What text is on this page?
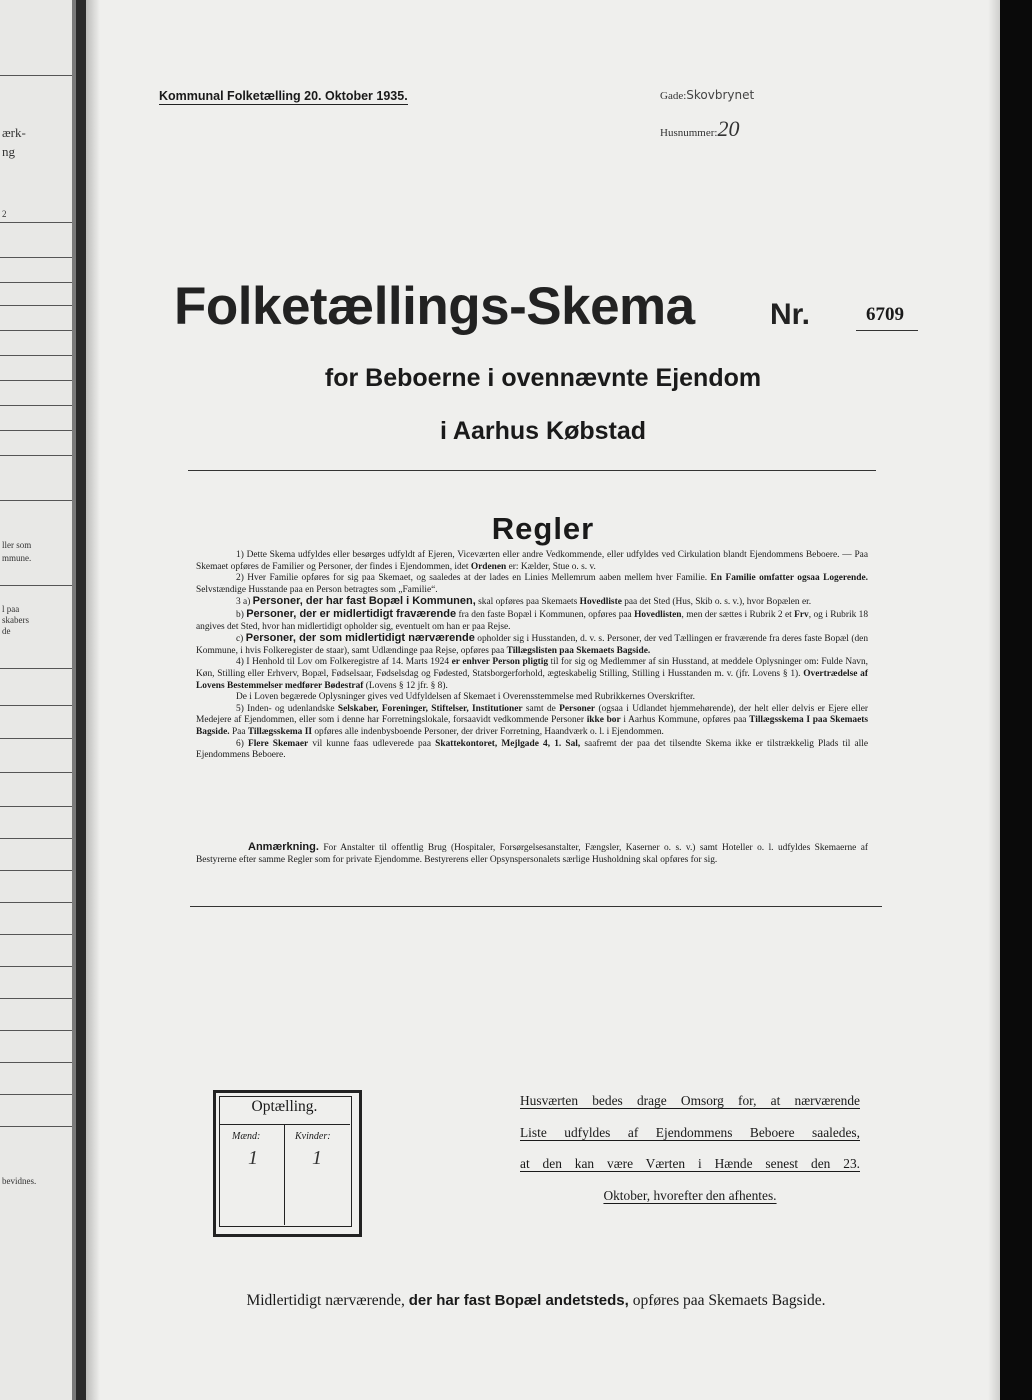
ærk-
ng
2
ller som
mmune.
l paa
skabers
de
bevidnes.
Kommunal Folketælling 20. Oktober 1935.	Gade:Skovbrynet
Husnummer:20
Folketællings-Skema	Nr.	6709
for Beboerne i ovennævnte Ejendom
i Aarhus Købstad
Regler

1) Dette Skema udfyldes eller besørges udfyldt af Ejeren, Viceværten eller andre Vedkommende, eller udfyldes ved Cirkulation blandt Ejendommens Beboere. — Paa Skemaet opføres de Familier og Personer, der findes i Ejendommen, idet Ordenen er: Kælder, Stue o. s. v.

2) Hver Familie opføres for sig paa Skemaet, og saaledes at der lades en Linies Mellemrum aaben mellem hver Familie. En Familie omfatter ogsaa Logerende. Selvstændige Husstande paa en Person betragtes som „Familie“.

3 a) Personer, der har fast Bopæl i Kommunen, skal opføres paa Skemaets Hovedliste paa det Sted (Hus, Skib o. s. v.), hvor Bopælen er.

b) Personer, der er midlertidigt fraværende fra den faste Bopæl i Kommunen, opføres paa Hovedlisten, men der sættes i Rubrik 2 et Frv, og i Rubrik 18 angives det Sted, hvor han midlertidigt opholder sig, eventuelt om han er paa Rejse.

c) Personer, der som midlertidigt nærværende opholder sig i Husstanden, d. v. s. Personer, der ved Tællingen er fraværende fra deres faste Bopæl (den Kommune, i hvis Folkeregister de staar), samt Udlændinge paa Rejse, opføres paa Tillægslisten paa Skemaets Bagside.

4) I Henhold til Lov om Folkeregistre af 14. Marts 1924 er enhver Person pligtig til for sig og Medlemmer af sin Husstand, at meddele Oplysninger om: Fulde Navn, Køn, Stilling eller Erhverv, Bopæl, Fødselsaar, Fødselsdag og Fødested, Statsborgerforhold, ægteskabelig Stilling, Stilling i Husstanden m. v. (jfr. Lovens § 1). Overtrædelse af Lovens Bestemmelser medfører Bødestraf (Lovens § 12 jfr. § 8).

De i Loven begærede Oplysninger gives ved Udfyldelsen af Skemaet i Overensstemmelse med Rubrikkernes Overskrifter.

5) Inden- og udenlandske Selskaber, Foreninger, Stiftelser, Institutioner samt de Personer (ogsaa i Udlandet hjemmehørende), der helt eller delvis er Ejere eller Medejere af Ejendommen, eller som i denne har Forretningslokale, forsaavidt vedkommende Personer ikke bor i Aarhus Kommune, opføres paa Tillægsskema I paa Skemaets Bagside. Paa Tillægsskema II opføres alle indenbysboende Personer, der driver Forretning, Haandværk o. l. i Ejendommen.

6) Flere Skemaer vil kunne faas udleverede paa Skattekontoret, Mejlgade 4, 1. Sal, saafremt der paa det tilsendte Skema ikke er tilstrækkelig Plads til alle Ejendommens Beboere.

Anmærkning. For Anstalter til offentlig Brug (Hospitaler, Forsørgelsesanstalter, Fængsler, Kaserner o. s. v.) samt Hoteller o. l. udfyldes Skemaerne af Bestyrerne efter samme Regler som for private Ejendomme. Bestyrerens eller Opsynspersonalets særlige Husholdning skal opføres for sig.

Optælling.
Mænd:	Kvinder:
1	1
Husværten bedes drage Omsorg for, at nærværende
Liste udfyldes af Ejendommens Beboere saaledes,
at den kan være Værten i Hænde senest den 23.
Oktober, hvorefter den afhentes.
Midlertidigt nærværende, der har fast Bopæl andetsteds, opføres paa Skemaets Bagside.
